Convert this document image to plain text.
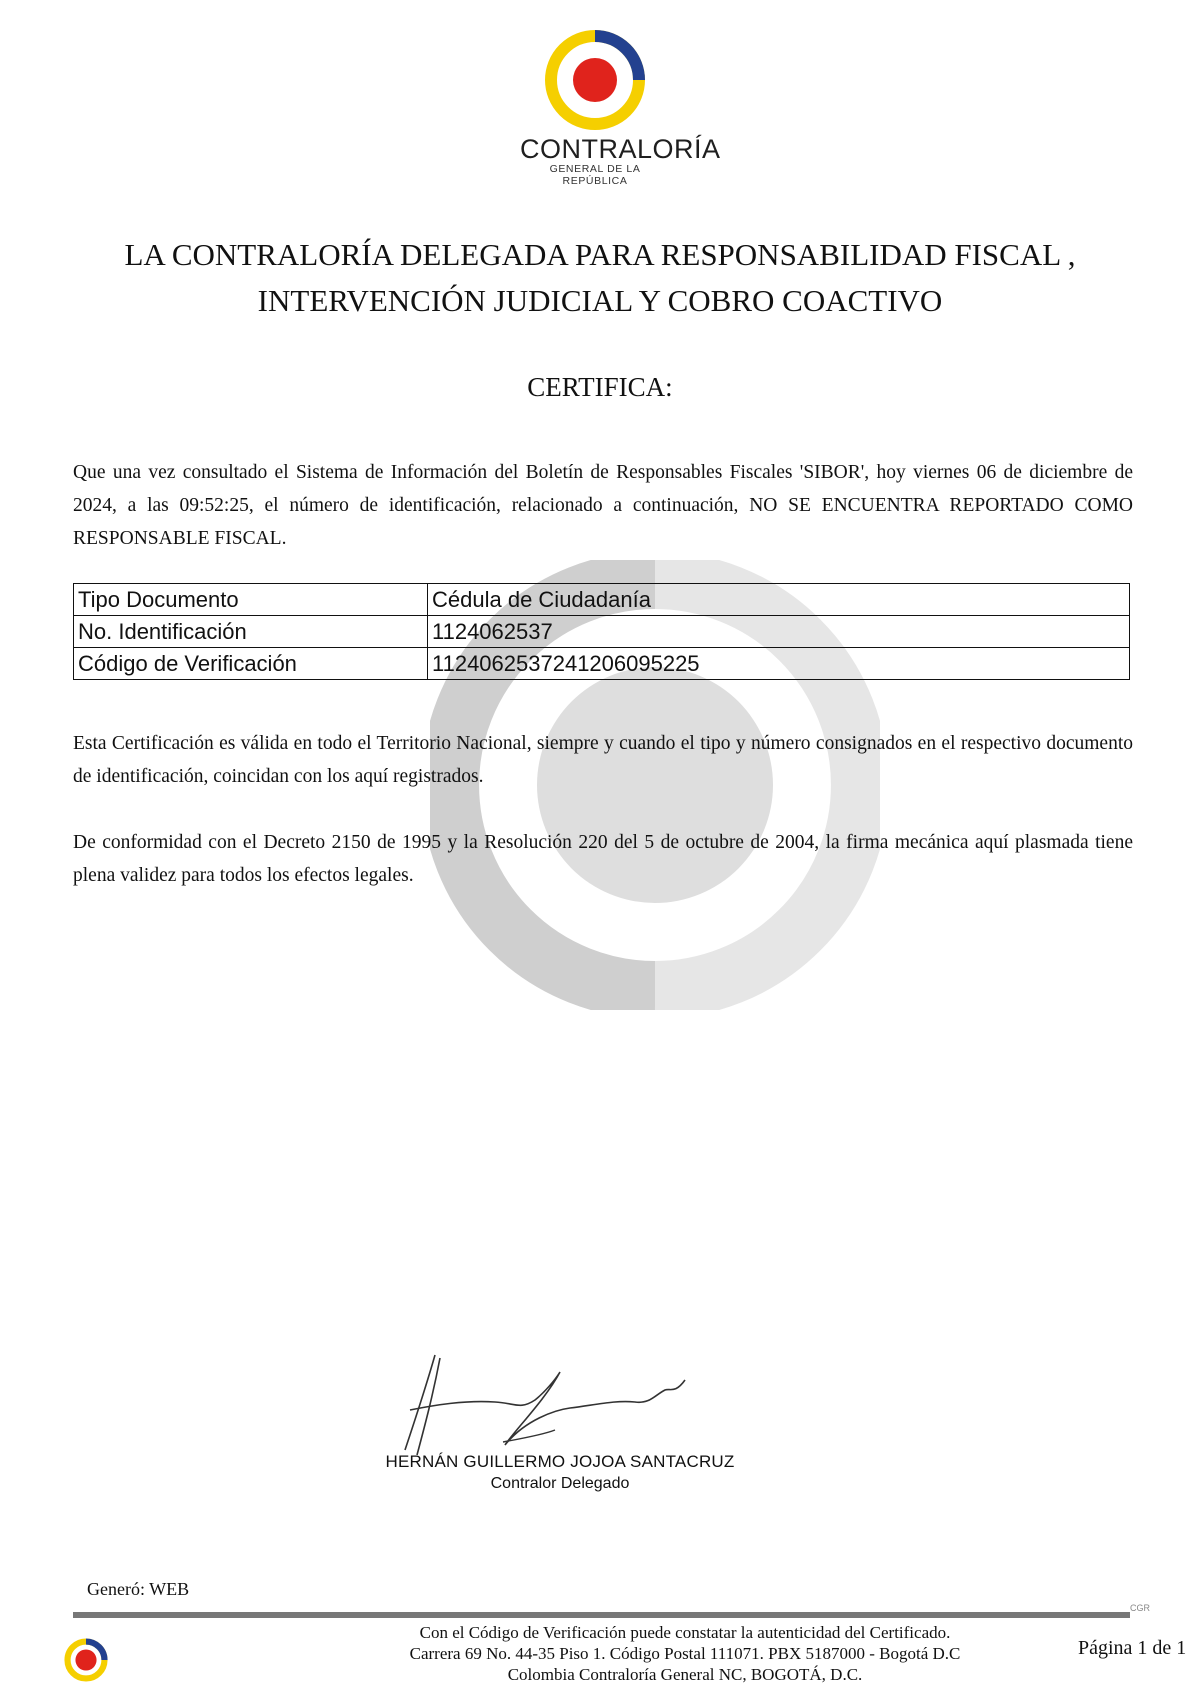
CONTRALORÍA
GENERAL DE LA REPÚBLICA
LA CONTRALORÍA DELEGADA PARA RESPONSABILIDAD FISCAL ,
INTERVENCIÓN JUDICIAL Y COBRO COACTIVO
CERTIFICA:
Que una vez consultado el Sistema de Información del Boletín de Responsables Fiscales 'SIBOR', hoy viernes 06 de diciembre de 2024, a las 09:52:25, el número de identificación, relacionado a continuación, NO SE ENCUENTRA REPORTADO COMO RESPONSABLE FISCAL.
Tipo Documento	Cédula de Ciudadanía
No. Identificación	1124062537
Código de Verificación	1124062537241206095225
Esta Certificación es válida en todo el Territorio Nacional, siempre y cuando el tipo y número consignados en el respectivo documento de identificación, coincidan con los aquí registrados.
De conformidad con el Decreto 2150 de 1995 y la Resolución 220 del 5 de octubre de 2004, la firma mecánica aquí plasmada tiene plena validez para todos los efectos legales.
HERNÁN GUILLERMO JOJOA SANTACRUZ
Contralor Delegado
Generó: WEB
CGR
Con el Código de Verificación puede constatar la autenticidad del Certificado.
Carrera 69 No. 44-35 Piso 1. Código Postal 111071. PBX 5187000 - Bogotá D.C
Colombia Contraloría General NC, BOGOTÁ, D.C.
Página 1 de 1
